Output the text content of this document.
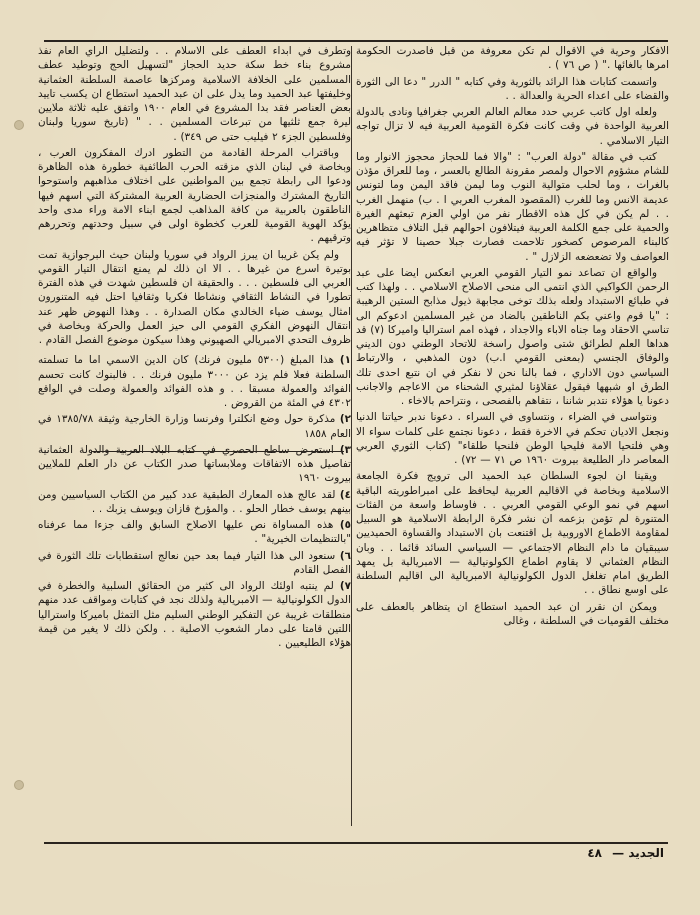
الافكار وحرية في الاقوال لم تكن معروفة من قبل فاصدرت الحكومة امرها بالغائها ." ( ص ٧٦ ) .

واتسمت كتابات هذا الرائد بالثورية وفي كتابه " الدرر " دعا الى الثورة والقضاء على اعداء الحرية والعدالة . .

ولعله اول كاتب عربي حدد معالم العالم العربي جغرافيا ونادى بالدولة العربية الواحدة في وقت كانت فكرة القومية العربية فيه لا تزال تواجه التيار الاسلامي .

كتب في مقالة "دولة العرب" : "والا فما للحجاز محجوز الانوار وما للشام مشؤوم الاحوال ولمصر مقرونة الطالع بالعسر ، وما للعراق مؤذن بالغرات ، وما لحلب متوالية النوب وما ليمن فاقد اليمن وما لتونس عديمة الانس وما للغرب (المقصود المغرب العربي ا . ب) منهمل الغرب . . لم يكن في كل هذه الاقطار نفر من اولي العزم تبعثهم الغيرة والحمية على جمع الكلمة العربية فيتلافون احوالهم قبل التلاف متظاهرين كالبناء المرصوص كصخور تلاحمت فصارت جبلا حصينا لا تؤثر فيه العواصف ولا تضعضعه الزلازل " .

والواقع ان تصاعد نمو التيار القومي العربي انعكس ايضا على عبد الرحمن الكواكبي الذي انتمى الى منحى الاصلاح الاسلامي . . ولهذا كتب في طبائع الاستبداد ولعله بذلك توخى مجابهة ذيول مذابح الستين الرهيبة : "يا قوم واعني بكم الناطقين بالضاد من غير المسلمين ادعوكم الى تناسي الاحقاد وما جناه الاباء والاجداد ، فهذه امم استراليا واميركا (٧) قد هداها العلم لطرائق شتى واصول راسخة للاتحاد الوطني دون الديني والوفاق الجنسي (بمعنى القومي ا.ب) دون المذهبي ، والارتباط السياسي دون الاداري ، فما بالنا نحن لا نفكر في ان نتبع احدى تلك الطرق او شبهها فيقول عقلاؤنا لمثيري الشحناء من الاعاجم والاجانب دعونا يا هؤلاء نتدبر شاننا ، نتفاهم بالفصحى ، ونتراحم بالاخاء .

ونتواسى في الضراء ، ونتساوى في السراء . دعونا ندبر حياتنا الدنيا ونجعل الاديان تحكم في الاخرة فقط ، دعونا نجتمع على كلمات سواء الا وهي فلتحيا الامة فليحيا الوطن فلنحيا طلقاء" (كتاب الثوري العربي المعاصر دار الطليعة بيروت ١٩٦٠ ص ٧١ — ٧٢) .

ويقينا ان لجوء السلطان عبد الحميد الى ترويج فكرة الجامعة الاسلامية وبخاصة في الاقاليم العربية ليحافظ على امبراطوريته الباقية اسهم في نمو الوعي القومي العربي . . فاوساط واسعة من الفئات المتنورة لم تؤمن بزعمه ان نشر فكرة الرابطة الاسلامية هو السبيل لمقاومة الاطماع الاوروبية بل اقتنعت بان الاستبداد والقساوة الحميديين سيبقيان ما دام النظام الاجتماعي — السياسي السائد قائما . . وبان النظام العثماني لا يقاوم اطماع الكولونيالية — الامبريالية بل يمهد الطريق امام تغلغل الدول الكولونيالية الامبريالية الى اقاليم السلطنة على اوسع نطاق . .

ويمكن ان نقرر ان عبد الحميد استطاع ان يتظاهر بالعطف على مختلف القوميات في السلطنة ، وغالى

وتطرف في ابداء العطف على الاسلام . . ولتضليل الراي العام نفذ مشروع بناء خط سكة حديد الحجاز "لتسهيل الحج وتوطيد عطف المسلمين على الخلافة الاسلامية ومركزها عاصمة السلطنة العثمانية وخليفتها عبد الحميد وما يدل على ان عبد الحميد استطاع ان يكسب تاييد بعض العناصر فقد بدا المشروع في العام ١٩٠٠ واتفق عليه ثلاثة ملايين ليرة جمع ثلثيها من تبرعات المسلمين . . " (تاريخ سوريا ولبنان وفلسطين الجزء ٢ فيليب حتى ص ٣٤٩) .

وباقتراب المرحلة القادمة من التطور ادرك المفكرون العرب ، وبخاصة في لبنان الذي مزقته الحرب الطائفية خطورة هذه الظاهرة ودعوا الى رابطة تجمع بين المواطنين على اختلاف مذاهبهم واستوحوا التاريخ المشترك والمنجزات الحضارية العربية المشتركة التي اسهم فيها الناطقون بالعربية من كافة المذاهب لجمع ابناء الامة وراء مدى واحد يؤكد الهوية القومية للعرب كخطوة اولى في سبيل وحدتهم وتحررهم وترقيهم .

ولم يكن غريبا ان يبرز الرواد في سوريا ولبنان حيث البرجوازية تمت بوتيرة اسرع من غيرها . . الا ان ذلك لم يمنع انتقال التيار القومي العربي الى فلسطين . . . والحقيقة ان فلسطين شهدت في هذه الفترة تطورا في النشاط الثقافي ونشاطا فكريا وثقافيا احتل فيه المتنورون امثال يوسف ضياء الخالدي مكان الصدارة . . وهذا النهوض ظهر عند انتقال النهوض الفكري القومي الى حيز العمل والحركة وبخاصة في ظروف التحدي الامبريالي الصهيوني وهذا سيكون موضوع الفصل القادم .

١) هذا المبلغ (٥٣٠٠ مليون فرنك) كان الدين الاسمي اما ما تسلمته السلطنة فعلا فلم يزد عن ٣٠٠٠ مليون فرنك . . فالبنوك كانت تحسم الفوائد والعمولة مسبقا . . و هذه الفوائد والعمولة وصلت في الواقع ٤٣٠٢ في المئة من القروض .

٢) مذكرة حول وضع انكلترا وفرنسا وزارة الخارجية وثيقة ١٣٨٥/٧٨ في العام ١٨٥٨

٣) استعرض ساطع الحصري في كتابه البلاد العربية والدولة العثمانية تفاصيل هذه الاتفاقات وملابساتها صدر الكتاب عن دار العلم للملايين بيروت ١٩٦٠

٤) لقد عالج هذه المعارك الطبقية عدد كبير من الكتاب السياسيين ومن بينهم يوسف خطار الحلو . . والمؤرخ قازان ويوسف يزبك . .

٥) هذه المساواة نص عليها الاصلاح السابق والف جزءا مما عرفناه "بالتنظيمات الخيرية" .

٦) سنعود الى هذا التيار فيما بعد حين نعالج استقطابات تلك الثورة في الفصل القادم

٧) لم ينتبه اولئك الرواد الى كثير من الحقائق السلبية والخطرة في الدول الكولونيالية — الامبريالية ولذلك نجد في كتابات ومواقف عدد منهم منطلقات غريبة عن التفكير الوطني السليم مثل التمثل باميركا واستراليا اللتين قامتا على دمار الشعوب الاصلية . . ولكن ذلك لا يغير من قيمة هؤلاء الطليعيين .

الجديد — ٤٨
